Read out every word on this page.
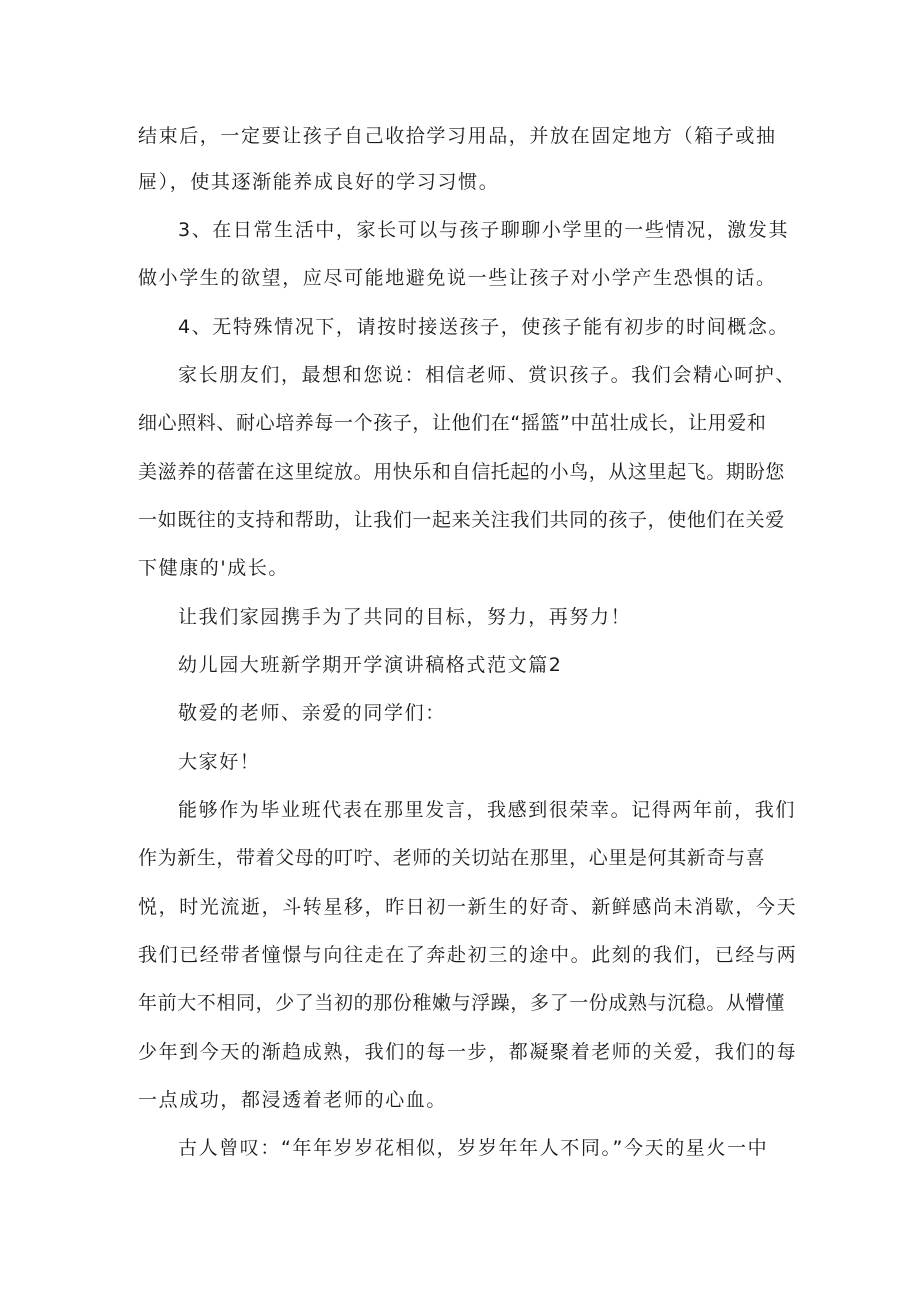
结束后，一定要让孩子自己收拾学习用品，并放在固定地方（箱子或抽
屉），使其逐渐能养成良好的学习习惯。
3、在日常生活中，家长可以与孩子聊聊小学里的一些情况，激发其
做小学生的欲望，应尽可能地避免说一些让孩子对小学产生恐惧的话。
4、无特殊情况下，请按时接送孩子，使孩子能有初步的时间概念。
家长朋友们，最想和您说：相信老师、赏识孩子。我们会精心呵护、
细心照料、耐心培养每一个孩子，让他们在“摇篮”中茁壮成长，让用爱和
美滋养的蓓蕾在这里绽放。用快乐和自信托起的小鸟，从这里起飞。期盼您
一如既往的支持和帮助，让我们一起来关注我们共同的孩子，使他们在关爱
下健康的'成长。
让我们家园携手为了共同的目标，努力，再努力！
幼儿园大班新学期开学演讲稿格式范文篇2
敬爱的老师、亲爱的同学们：
大家好！
能够作为毕业班代表在那里发言，我感到很荣幸。记得两年前，我们
作为新生，带着父母的叮咛、老师的关切站在那里，心里是何其新奇与喜
悦，时光流逝，斗转星移，昨日初一新生的好奇、新鲜感尚未消歇，今天
我们已经带者憧憬与向往走在了奔赴初三的途中。此刻的我们，已经与两
年前大不相同，少了当初的那份稚嫩与浮躁，多了一份成熟与沉稳。从懵懂
少年到今天的渐趋成熟，我们的每一步，都凝聚着老师的关爱，我们的每
一点成功，都浸透着老师的心血。
古人曾叹：“年年岁岁花相似，岁岁年年人不同。”今天的星火一中
